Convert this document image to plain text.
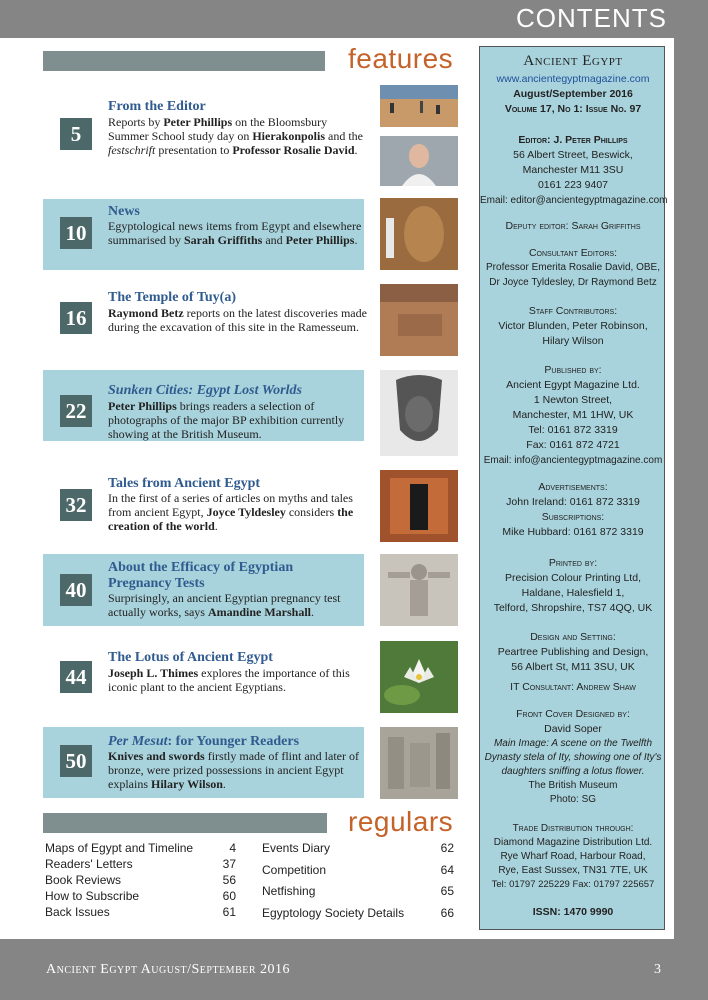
CONTENTS
features
5
From the Editor
Reports by Peter Phillips on the Bloomsbury Summer School study day on Hierakonpolis and the festschrift presentation to Professor Rosalie David.
10
News
Egyptological news items from Egypt and elsewhere summarised by Sarah Griffiths and Peter Phillips.
16
The Temple of Tuy(a)
Raymond Betz reports on the latest discoveries made during the excavation of this site in the Ramesseum.
22
Sunken Cities: Egypt Lost Worlds
Peter Phillips brings readers a selection of photographs of the major BP exhibition currently showing at the British Museum.
32
Tales from Ancient Egypt
In the first of a series of articles on myths and tales from ancient Egypt, Joyce Tyldesley considers the creation of the world.
40
About the Efficacy of Egyptian
Pregnancy Tests
Surprisingly, an ancient Egyptian pregnancy test actually works, says Amandine Marshall.
44
The Lotus of Ancient Egypt
Joseph L. Thimes explores the importance of this iconic plant to the ancient Egyptians.
50
Per Mesut: for Younger Readers
Knives and swords firstly made of flint and later of bronze, were prized possessions in ancient Egypt explains Hilary Wilson.
Ancient Egypt
www.ancientegyptmagazine.com
August/September 2016
Volume 17, No 1: Issue No. 97
Editor: J. Peter Phillips
56 Albert Street, Beswick,
Manchester M11 3SU
0161 223 9407
Email: editor@ancientegyptmagazine.com
Deputy editor: Sarah Griffiths
Consultant Editors:
Professor Emerita Rosalie David, OBE,
Dr Joyce Tyldesley, Dr Raymond Betz
Staff Contributors:
Victor Blunden, Peter Robinson,
Hilary Wilson
Published by:
Ancient Egypt Magazine Ltd.
1 Newton Street,
Manchester, M1 1HW, UK
Tel: 0161 872 3319
Fax: 0161 872 4721
Email: info@ancientegyptmagazine.com
Advertisements:
John Ireland: 0161 872 3319
Subscriptions:
Mike Hubbard: 0161 872 3319
Printed by:
Precision Colour Printing Ltd,
Haldane, Halesfield 1,
Telford, Shropshire, TS7 4QQ, UK
Design and Setting:
Peartree Publishing and Design,
56 Albert St, M11 3SU, UK
IT Consultant: Andrew Shaw
Front Cover Designed by:
David Soper
Main Image: A scene on the Twelfth
Dynasty stela of Ity, showing one of Ity's
daughters sniffing a lotus flower.
The British Museum
Photo: SG
Trade Distribution through:
Diamond Magazine Distribution Ltd.
Rye Wharf Road, Harbour Road,
Rye, East Sussex, TN31 7TE, UK
Tel: 01797 225229 Fax: 01797 225657
ISSN: 1470 9990
regulars
Maps of Egypt and Timeline	4
Readers' Letters	37
Book Reviews	56
How to Subscribe	60
Back Issues	61
Events Diary	62
Competition	64
Netfishing	65
Egyptology Society Details	66
Ancient Egypt August/September 2016	3
